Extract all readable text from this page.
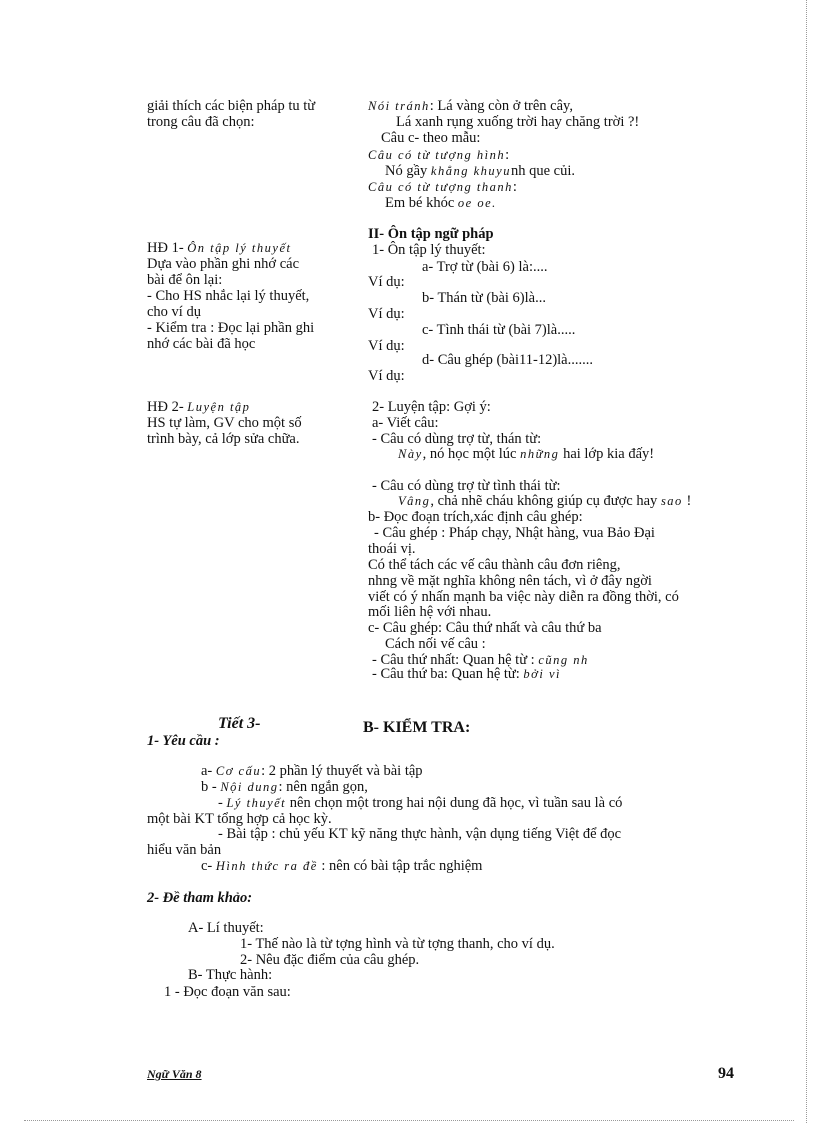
giải thích các biện pháp tu từ
trong câu đã chọn:
HĐ 1- Ôn tập lý thuyết
Dựa vào phần ghi nhớ các
bài để ôn lại:
- Cho HS nhắc lại lý thuyết,
cho ví dụ
- Kiểm tra : Đọc lại phần ghi
nhớ các bài đã học
HĐ 2- Luyện tập
HS tự làm, GV cho một số
trình bày, cả lớp sửa chữa.
Nói tránh: Lá vàng còn ở trên cây,
Lá xanh rụng xuống trời hay chăng trời ?!
Câu c- theo mẫu:
Câu có từ tượng hình:
Nó gầy khẳng khuyunh que củi.
Câu có từ tượng thanh:
Em bé khóc oe oe.
II- Ôn tập ngữ pháp
1- Ôn tập lý thuyết:
a- Trợ từ (bài 6) là:....
Ví dụ:
b- Thán từ (bài 6)là...
Ví dụ:
c- Tình thái từ (bài 7)là.....
Ví dụ:
d- Câu ghép (bài11-12)là.......
Ví dụ:
2- Luyện tập: Gợi ý:
a- Viết câu:
- Câu có dùng trợ từ, thán từ:
Này, nó học một lúc những hai lớp kia đấy!
- Câu có dùng trợ từ tình thái từ:
Vâng, chả nhẽ cháu không giúp cụ được hay sao !
b- Đọc đoạn trích,xác định câu ghép:
- Câu ghép : Pháp chạy, Nhật hàng, vua Bảo Đại
thoái vị.
Có thể tách các vế câu thành câu đơn riêng,
nhng về mặt nghĩa không nên tách, vì ở đây ngời
viết có ý nhấn mạnh ba việc này diễn ra đồng thời, có
mối liên hệ với nhau.
c- Câu ghép: Câu thứ nhất và câu thứ ba
Cách nối vế câu :
- Câu thứ nhất: Quan hệ từ : cũng nh
- Câu thứ ba: Quan hệ từ: bởi vì
Tiết 3-	B- KIỂM TRA:
1- Yêu cầu :
a- Cơ cấu: 2 phần lý thuyết và bài tập
b - Nội dung: nên ngắn gọn,
- Lý thuyết nên chọn một trong hai nội dung đã học, vì tuần sau là có
một bài KT tổng hợp cả học kỳ.
- Bài tập : chủ yếu KT kỹ năng thực hành, vận dụng tiếng Việt để đọc
hiểu văn bản
c- Hình thức ra đề : nên có bài tập trắc nghiệm
2- Đề tham khảo:
A- Lí thuyết:
1- Thế nào là từ tợng hình và từ tợng thanh, cho ví dụ.
2- Nêu đặc điểm của câu ghép.
B- Thực hành:
1 - Đọc đoạn văn sau:
Ngữ Văn 8	94
